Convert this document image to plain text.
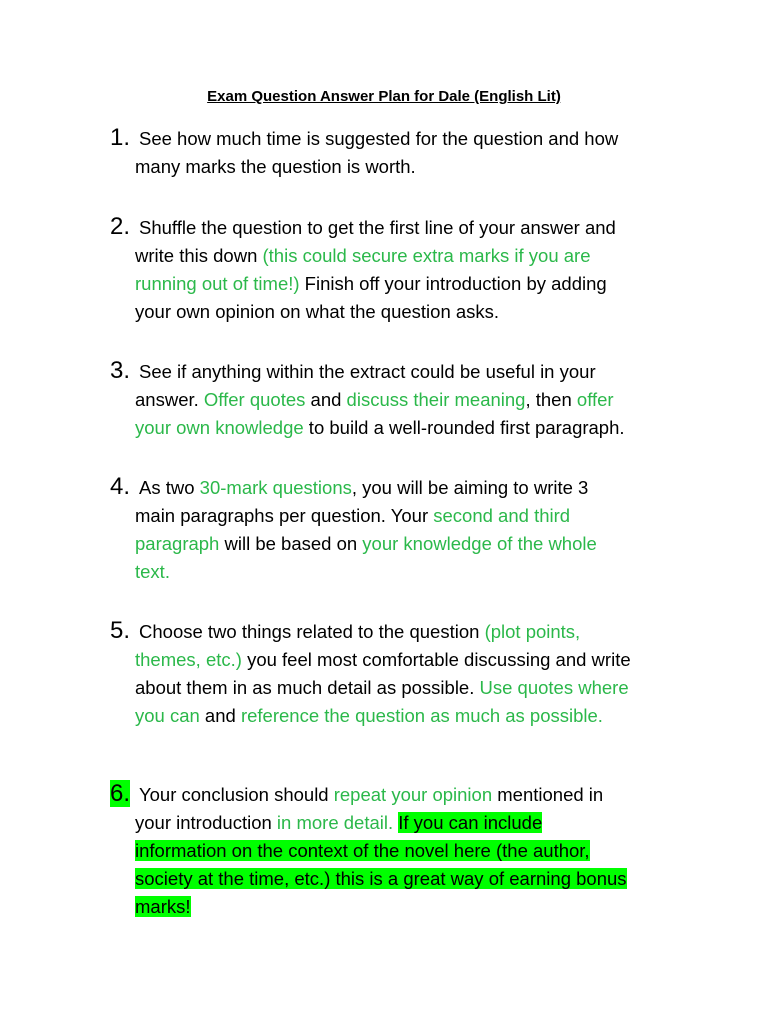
Exam Question Answer Plan for Dale (English Lit)
1. See how much time is suggested for the question and how
many marks the question is worth.
2. Shuffle the question to get the first line of your answer and
write this down (this could secure extra marks if you are
running out of time!) Finish off your introduction by adding
your own opinion on what the question asks.
3. See if anything within the extract could be useful in your
answer. Offer quotes and discuss their meaning, then offer
your own knowledge to build a well-rounded first paragraph.
4. As two 30-mark questions, you will be aiming to write 3
main paragraphs per question. Your second and third
paragraph will be based on your knowledge of the whole
text.
5. Choose two things related to the question (plot points,
themes, etc.) you feel most comfortable discussing and write
about them in as much detail as possible. Use quotes where
you can and reference the question as much as possible.
6. Your conclusion should repeat your opinion mentioned in
your introduction in more detail. If you can include
information on the context of the novel here (the author,
society at the time, etc.) this is a great way of earning bonus
marks!
